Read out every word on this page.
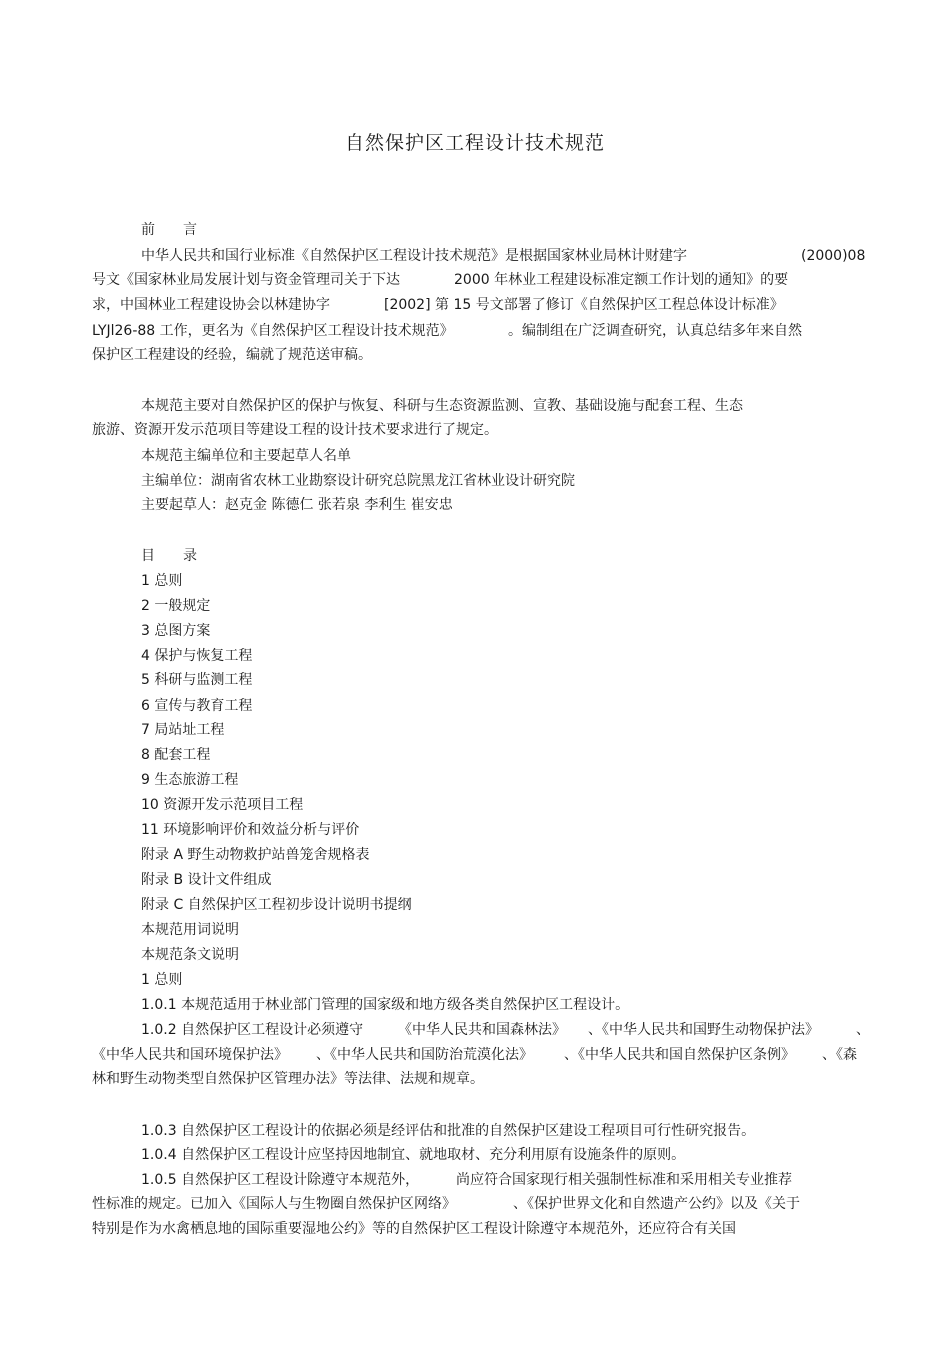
自然保护区工程设计技术规范
前　　言
中华人民共和国行业标准《自然保护区工程设计技术规范》是根据国家林业局林计财建字	(2000)08
号文《国家林业局发展计划与资金管理司关于下达	2000 年林业工程建设标准定额工作计划的通知》的要
求，中国林业工程建设协会以林建协字	[2002] 第 15 号文部署了修订《自然保护区工程总体设计标准》
LYJl26-88 工作，更名为《自然保护区工程设计技术规范》	。编制组在广泛调查研究，认真总结多年来自然
保护区工程建设的经验，编就了规范送审稿。
本规范主要对自然保护区的保护与恢复、科研与生态资源监测、宣教、基础设施与配套工程、生态
旅游、资源开发示范项目等建设工程的设计技术要求进行了规定。
本规范主编单位和主要起草人名单
主编单位：湖南省农林工业勘察设计研究总院黑龙江省林业设计研究院
主要起草人：赵克金 陈德仁 张若泉 李利生 崔安忠
目　　录
1 总则
2 一般规定
3 总图方案
4 保护与恢复工程
5 科研与监测工程
6 宣传与教育工程
7 局站址工程
8 配套工程
9 生态旅游工程
10 资源开发示范项目工程
11 环境影响评价和效益分析与评价
附录 A 野生动物救护站兽笼舍规格表
附录 B 设计文件组成
附录 C 自然保护区工程初步设计说明书提纲
本规范用词说明
本规范条文说明
1 总则
1.0.1 本规范适用于林业部门管理的国家级和地方级各类自然保护区工程设计。
1.0.2 自然保护区工程设计必须遵守 《中华人民共和国森林法》 、《中华人民共和国野生动物保护法》	、
《中华人民共和国环境保护法》 、《中华人民共和国防治荒漠化法》 、《中华人民共和国自然保护区条例》 、《森
林和野生动物类型自然保护区管理办法》等法律、法规和规章。
1.0.3 自然保护区工程设计的依据必须是经评估和批准的自然保护区建设工程项目可行性研究报告。
1.0.4 自然保护区工程设计应坚持因地制宜、就地取材、充分利用原有设施条件的原则。
1.0.5 自然保护区工程设计除遵守本规范外，	尚应符合国家现行相关强制性标准和采用相关专业推荐
性标准的规定。已加入《国际人与生物圈自然保护区网络》	、《保护世界文化和自然遗产公约》以及《关于
特别是作为水禽栖息地的国际重要湿地公约》等的自然保护区工程设计除遵守本规范外，还应符合有关国
